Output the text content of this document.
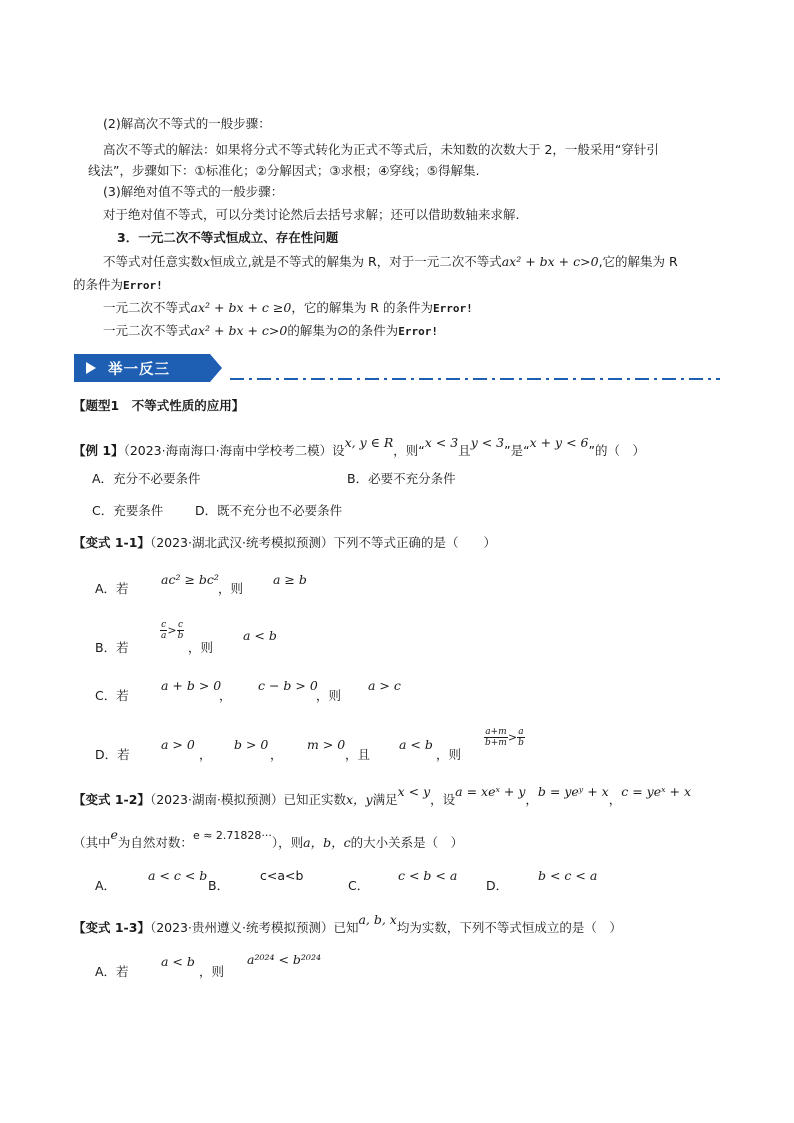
(2)解高次不等式的一般步骤：
高次不等式的解法：如果将分式不等式转化为正式不等式后，未知数的次数大于 2，一般采用“穿针引
线法”，步骤如下：①标准化；②分解因式；③求根；④穿线；⑤得解集.
(3)解绝对值不等式的一般步骤：
对于绝对值不等式，可以分类讨论然后去括号求解；还可以借助数轴来求解.
3．一元二次不等式恒成立、存在性问题
不等式对任意实数x恒成立,就是不等式的解集为 R，对于一元二次不等式ax² + bx + c>0,它的解集为 R
的条件为Error!
一元二次不等式ax² + bx + c ≥0，它的解集为 R 的条件为Error!
一元二次不等式ax² + bx + c>0的解集为∅的条件为Error!
举一反三
【题型1　不等式性质的应用】
【例 1】（2023·海南海口·海南中学校考二模）设x, y ∈ R，则“x < 3且y < 3”是“x + y < 6”的（　）
A．充分不必要条件	B．必要不充分条件
C．充要条件	D．既不充分也不必要条件
【变式 1-1】（2023·湖北武汉·统考模拟预测）下列不等式正确的是（　　）
A．若
ac² ≥ bc²
，则
a ≥ b
B．若
$\frac{c}{a} > \frac{c}{b}$
，则
a < b
C．若
a + b > 0
，
c − b > 0
，则
a > c
D．若
a > 0
，
b > 0
，
m > 0
，且
a < b
，则
$\frac{a+m}{b+m} > \frac{a}{b}$
【变式 1-2】（2023·湖南·模拟预测）已知正实数x，y满足x < y，设a = xeˣ + y，b = yeʸ + x，c = yeˣ + x
（其中e为自然对数：e ≈ 2.71828···），则a，b，c的大小关系是（　）
A．
a < c < b
B．
c<a<b
C．
c < b < a
D．
b < c < a
【变式 1-3】（2023·贵州遵义·统考模拟预测）已知a, b, x均为实数，下列不等式恒成立的是（　）
A．若
a < b
，则
a²⁰²⁴ < b²⁰²⁴
